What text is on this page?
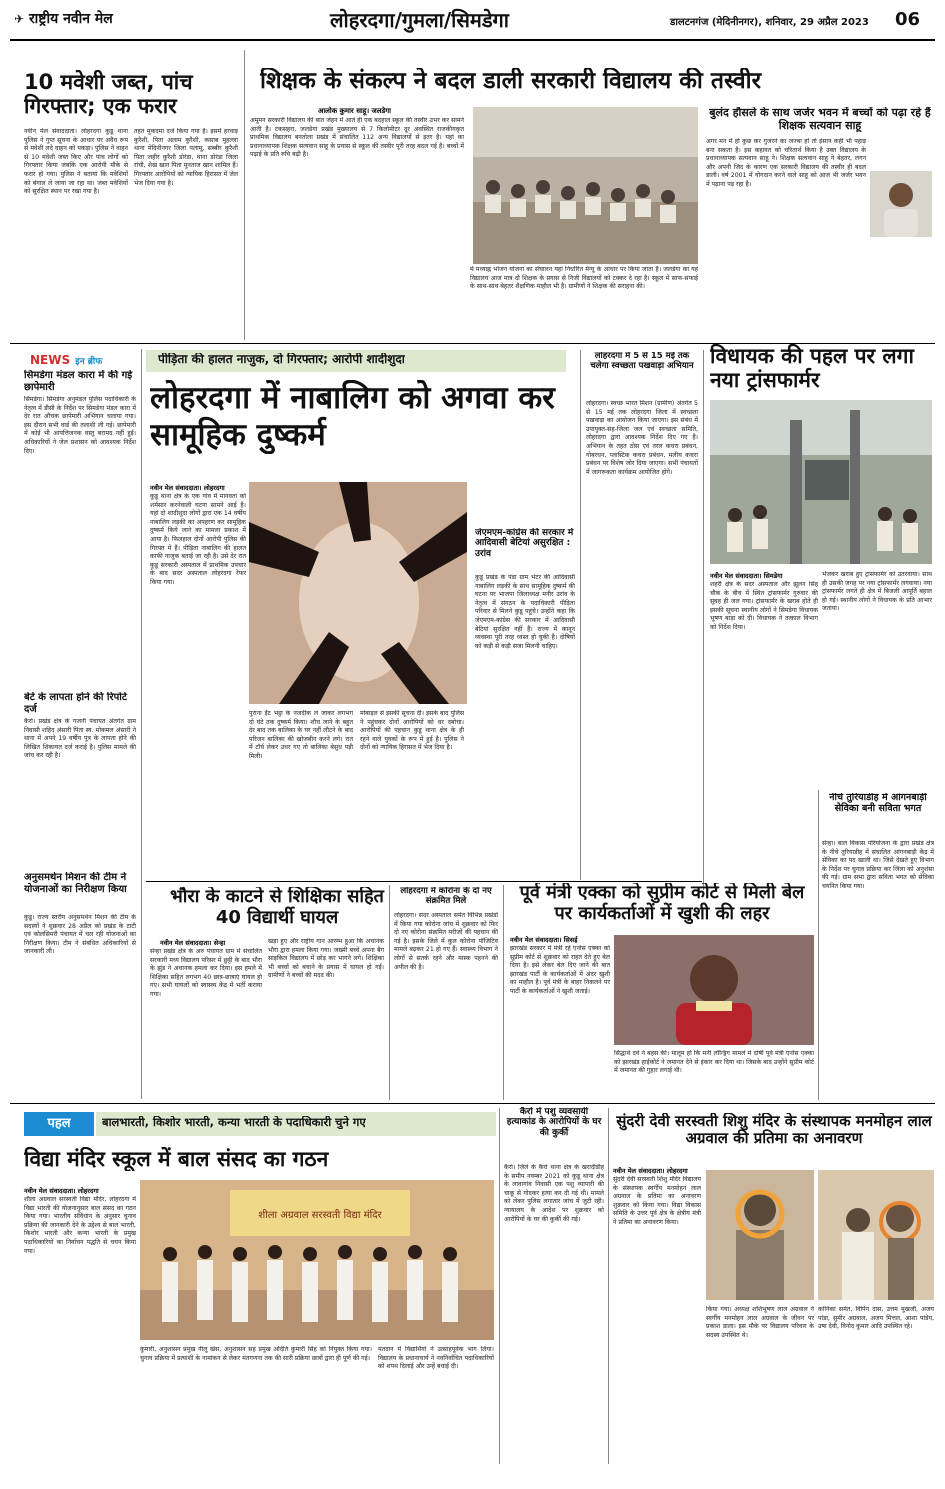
✈ राष्ट्रीय नवीन मेल	लोहरदगा/गुमला/सिमडेगा	डालटनगंज (मेदिनीनगर), शनिवार, 29 अप्रैल 2023 06
10 मवेशी जब्त, पांच गिरफ्तार; एक फरार
नवीन मेल संवाददाता। लोहरदगा कुडू थाना पुलिस ने गुप्त सूचना के आधार पर अवैध रूप से मवेशी लदे वाहन को पकड़ा। पुलिस ने वाहन से 10 मवेशी जब्त किए और पांच लोगों को गिरफ्तार किया जबकि एक आरोपी मौके से फरार हो गया। पुलिस ने बताया कि मवेशियों को बंगाल ले जाया जा रहा था। जब्त मवेशियों को सुरक्षित स्थान पर रखा गया है।
तहत मुकदमा दर्ज किया गया है। इसमें हरवाड़ कुरैशी, पिता अलाम कुरैशी, कसाब मुहल्ला थाना मेदिनीनगर जिला पलामू, सब्बीर कुरैशी पिता जहीर कुरैशी डोरंडा, थाना डोरंडा जिला रांची, शेख खान पिता मुनताज खान शामिल हैं। गिरफ्तार आरोपियों को न्यायिक हिरासत में जेल भेज दिया गया है।
शिक्षक के संकल्प ने बदल डाली सरकारी विद्यालय की तस्वीर
आलोक कुमार साहू। जलडेगा
अमूमन सरकारी विद्यालय की बात जेहन में आते ही एक बदहाल स्कूल की तस्वीर उभर कर सामने आती है। टकसहरा, जलडेगा प्रखंड मुख्यालय से 7 किलोमीटर दूर अवस्थित राजकीयकृत प्राथमिक विद्यालय बनतोला प्रखंड में संचालित 112 अन्य विद्यालयों से इतर है। यहां का प्रधानाध्यापक शिक्षक सत्यवान साहू के प्रयास से स्कूल की तस्वीर पूरी तरह बदल गई है। बच्चों में पढ़ाई के प्रति रुचि बढ़ी है।
में मध्याह्न भोजन योजना का संचालन यहां निर्धारित मेन्यू के आधार पर किया जाता है। जलडेगा का यह विद्यालय आज मात्र दो शिक्षक के प्रयास से निजी विद्यालयों को टक्कर दे रहा है। स्कूल में साफ-सफाई के साथ-साथ बेहतर शैक्षणिक माहौल भी है। ग्रामीणों ने शिक्षक की सराहना की।
बुलंद हौसले के साथ जर्जर भवन में बच्चों को पढ़ा रहे हैं शिक्षक सत्यवान साहू
अगर मन में हो कुछ कर गुजरने का जज्बा हो तो इंसान कहीं भी पहाड़ बना सकता है। इस कहावत को चरितार्थ किया है उक्त विद्यालय के प्रधानाध्यापक सत्यवान साहू ने। शिक्षक सत्यवान साहू ने बेहतर, लगन और अपनी जिद के कारण एक सरकारी विद्यालय की तस्वीर ही बदल डाली। वर्ष 2001 में योगदान करने वाले साहू को आज भी जर्जर भवन में पढ़ाना पड़ रहा है।
NEWS इन ब्रीफ
सिमडेगा मंडल कारा में की गई छापेमारी
सिमडेगा। सिमडेगा अनुमंडल पुलिस पदाधिकारी के नेतृत्व में डीसी के निर्देश पर सिमडेगा मंडल कारा में देर रात औचक छापेमारी अभियान चलाया गया। इस दौरान सभी वार्ड की तलाशी ली गई। छापेमारी में कोई भी आपत्तिजनक वस्तु बरामद नहीं हुई। अधिकारियों ने जेल प्रशासन को आवश्यक निर्देश दिए।
बेटे के लापता होने की रिपोर्ट दर्ज
कैरो। प्रखंड क्षेत्र के गजनी पंचायत अंतर्गत ग्राम निवासी शहिद अंसारी पिता स्व. मोकमल अंसारी ने थाना में अपने 19 वर्षीय पुत्र के लापता होने की लिखित शिकायत दर्ज कराई है। पुलिस मामले की जांच कर रही है।
अनुसमर्थन मिशन की टीम ने योजनाओं का निरीक्षण किया
कुडू। राज्य स्तरीय अनुसमर्थन मिशन की टीम के सदस्यों ने शुक्रवार 28 अप्रैल को प्रखंड के टाटी एवं कोलसिमरी पंचायत में चल रही योजनाओं का निरीक्षण किया। टीम ने संबंधित अधिकारियों से जानकारी ली।
पीड़िता की हालत नाजुक, दो गिरफ्तार; आरोपी शादीशुदा
लोहरदगा में नाबालिग को अगवा कर सामूहिक दुष्कर्म
नवीन मेल संवाददाता। लोहरदगा
कुडू थाना क्षेत्र के एक गांव में मानवता को शर्मसार करनेवाली घटना सामने आई है। यहां दो शादीशुदा लोगों द्वारा एक 14 वर्षीय नाबालिग लड़की का अपहरण कर सामूहिक दुष्कर्म किये जाने का मामला प्रकाश में आया है। फिलहाल दोनों आरोपी पुलिस की गिरफ्त में हैं। पीड़िता नाबालिग की हालत काफी नाजुक बताई जा रही है। उसे देर रात कुडू सरकारी अस्पताल में प्राथमिक उपचार के बाद सदर अस्पताल लोहरदगा रेफर किया गया।
पुराना ईंट भट्ठा के नजदीक ले जाकर लगभग दो घंटे तक दुष्कर्म किया। शौच जाने के बहुत देर बाद तक बालिका के घर नहीं लौटने के बाद परिजन बालिका की खोजबीन करने लगे। रात में टॉर्च लेकर उधर गए तो बालिका बेसुध पड़ी मिली।
मोबाइल से इसकी सूचना दी। इसके बाद पुलिस ने पहुंचकर दोनों आरोपियों को धर दबोचा। आरोपियों की पहचान कुडू थाना क्षेत्र के ही रहने वाले युवकों के रूप में हुई है। पुलिस ने दोनों को न्यायिक हिरासत में भेज दिया है।
जेएमएम-कांग्रेस की सरकार में आदिवासी बेटियां असुरक्षित : उरांव
कुडू प्रखंड के पंडा ग्राम भेटर की आदिवासी नाबालिग लड़की के साथ सामूहिक दुष्कर्म की घटना पर भाजपा जिलाध्यक्ष मनीर उरांव के नेतृत्व में संगठन के पदाधिकारी पीड़िता परिवार से मिलने कुडू पहुंचे। उन्होंने कहा कि जेएमएम-कांग्रेस की सरकार में आदिवासी बेटियां सुरक्षित नहीं हैं। राज्य में कानून व्यवस्था पूरी तरह ध्वस्त हो चुकी है। दोषियों को कड़ी से कड़ी सजा मिलनी चाहिए।
लोहरदगा में 5 से 15 मई तक चलेगा स्वच्छता पखवाड़ा अभियान
लोहरदगा। स्वच्छ भारत मिशन (ग्रामीण) अंतर्गत 5 से 15 मई तक लोहरदगा जिला में स्वच्छता पखवाड़ा का आयोजन किया जाएगा। इस संबंध में उपायुक्त-सह-जिला जल एवं स्वच्छता समिति, लोहरदगा द्वारा आवश्यक निर्देश दिए गए हैं। अभियान के तहत ठोस एवं तरल कचरा प्रबंधन, गोबरधन, प्लास्टिक कचरा प्रबंधन, मलीय कचरा प्रबंधन पर विशेष जोर दिया जाएगा। सभी पंचायतों में जागरूकता कार्यक्रम आयोजित होंगे।
विधायक की पहल पर लगा नया ट्रांसफार्मर
नवीन मेल संवाददाता। सिमडेगा
शहरी क्षेत्र के सदर अस्पताल और झूलन सिंह चौक के बीच में स्थित ट्रांसफार्मर गुरुवार की सुबह ही जल गया। ट्रांसफार्मर के खराब होते ही इसकी सूचना स्थानीय लोगों ने सिमडेगा विधायक भूषण बाड़ा को दी। विधायक ने तत्काल विभाग को निर्देश दिया।
भेजकर खराब हुए ट्रांसफार्मर को उतरवाया। साथ ही उसकी जगह पर नया ट्रांसफार्मर लगवाया। नया ट्रांसफार्मर लगते ही क्षेत्र में बिजली आपूर्ति बहाल हो गई। स्थानीय लोगों ने विधायक के प्रति आभार जताया।
भौरा के काटने से शिक्षिका सहित 40 विद्यार्थी घायल
नवीन मेल संवाददाता। सेन्हा
सेन्हा प्रखंड क्षेत्र के अरु पंचायत ग्राम में संचालित सरकारी मध्य विद्यालय परिसर में छुट्टी के बाद भौरा के झुंड ने अचानक हमला कर दिया। इस हमले में शिक्षिका सहित लगभग 40 छात्र-छात्राएं घायल हो गए। सभी घायलों को स्वास्थ्य केंद्र में भर्ती कराया गया।
खड़ा हुए और राष्ट्रीय गान आरम्भ हुआ कि अचानक भौरा द्वारा हमला किया गया। जख्मी बच्चे अपना बैग साइकिल विद्यालय में छोड़ कर भागने लगे। शिक्षिका भी बच्चों को बचाने के प्रयास में घायल हो गईं। ग्रामीणों ने बच्चों की मदद की।
लोहरदगा में कोरोना के दो नए संक्रमित मिले
लोहरदगा। सदर अस्पताल समेत विभिन्न प्रखंडों में किया गया कोरोना जांच में शुक्रवार को फिर दो नए कोरोना संक्रमित मरीजों की पहचान की गई है। इसके जिले में कुल कोरोना पॉजिटिव मामले बढ़कर 21 हो गए हैं। स्वास्थ्य विभाग ने लोगों से सतर्क रहने और मास्क पहनने की अपील की है।
पूर्व मंत्री एक्का को सुप्रीम कोर्ट से मिली बेल पर कार्यकर्ताओं में खुशी की लहर
नवीन मेल संवाददाता। सिसई
झारखंड सरकार में मंत्री रहे एनोस एक्का को सुप्रीम कोर्ट से शुक्रवार को राहत देते हुए बेल दिया है। इसे लेकर बेल दिए जाने की बात झारखंड पार्टी के कार्यकर्ताओं में अंदर खुशी का माहौल है। पूर्व मंत्री के बाहर निकलने पर पार्टी के कार्यकर्ताओं ने खुशी जताई।
सिद्धार्थ दवे ने बहस की। मालूम हो कि मनी लॉन्ड्रिंग मामले में दोषी पूर्व मंत्री एनोस एक्का को झारखंड हाईकोर्ट ने जमानत देने से इंकार कर दिया था। जिसके बाद उन्होंने सुप्रीम कोर्ट में जमानत की गुहार लगाई थी।
नीचे तुरियाडीह में आंगनबाड़ी सेविका बनी सविता भगत
सेन्हा। बाल विकास परियोजना के द्वारा प्रखंड क्षेत्र के नीचे तुरियाडीह में संचालित आंगनबाड़ी केंद्र में सेविका का पद खाली था। जिसे देखते हुए विभाग के निर्देश पर चुनाव प्रक्रिया कर जिला को अनुशंसा की गई। ग्राम सभा द्वारा सविता भगत को सेविका चयनित किया गया।
पहल	बालभारती, किशोर भारती, कन्या भारती के पदाधिकारी चुने गए
विद्या मंदिर स्कूल में बाल संसद का गठन
नवीन मेल संवाददाता। लोहरदगा
शीला अग्रवाल सरस्वती विद्या मंदिर, लोहरदगा में विद्या भारती की योजनानुसार बाल संसद का गठन किया गया। भारतीय संविधान के अनुसार चुनाव प्रक्रिया की जानकारी देने के उद्देश्य से बाल भारती, किशोर भारती और कन्या भारती के प्रमुख पदाधिकारियों का निर्वाचन पद्धति से चयन किया गया।
शीला अग्रवाल सरस्वती विद्या मंदिर
कुमारी, अनुशासन प्रमुख नीलू खेस, अनुशासन सह प्रमुख अदिति कुमारी सिंह को नियुक्त किया गया। चुनाव प्रक्रिया में प्रत्याशी के नामांकन से लेकर मतगणना तक की सारी प्रक्रिया छात्रों द्वारा ही पूर्ण की गई।
मतदान में विद्यार्थियों ने उत्साहपूर्वक भाग लिया। विद्यालय के प्रधानाचार्य ने नवनिर्वाचित पदाधिकारियों को शपथ दिलाई और उन्हें बधाई दी।
कैरो में पशु व्यवसायी हत्याकांड के आरोपियों के घर की कुर्की
कैरो। जिले के कैरो थाना क्षेत्र के खरादीडीह के समीप नवम्बर 2021 को कुडू थाना क्षेत्र के लावागांव निवासी एक पशु व्यापारी की चाकू से गोदकर हत्या कर दी गई थी। मामले को लेकर पुलिस लगातार जांच में जुटी रही। न्यायालय के आदेश पर शुक्रवार को आरोपियों के घर की कुर्की की गई।
सुंदरी देवी सरस्वती शिशु मंदिर के संस्थापक मनमोहन लाल अग्रवाल की प्रतिमा का अनावरण
नवीन मेल संवाददाता। लोहरदगा
सुंदरी देवी सरस्वती शिशु मंदिर विद्यालय के संस्थापक स्वर्गीय मनमोहन लाल अग्रवाल के प्रतिमा का अनावरण शुक्रवार को किया गया। विद्या विकास समिति के उत्तर पूर्व क्षेत्र के क्षेत्रीय मंत्री ने प्रतिमा का अनावरण किया।
किया गया। अध्यक्ष शशिभूषण लाल अग्रवाल ने स्वर्गीय मनमोहन लाल अग्रवाल के जीवन पर प्रकाश डाला। इस मौके पर विद्यालय परिवार के सदस्य उपस्थित थे।
कोनिका समेत, विपिन दास, उत्तम मुखर्जी, अजय पांडा, सुमीर अग्रवाल, अजय मित्तल, आशा पांडेय, उषा देवी, विनोद कुमार आदि उपस्थित रहे।
